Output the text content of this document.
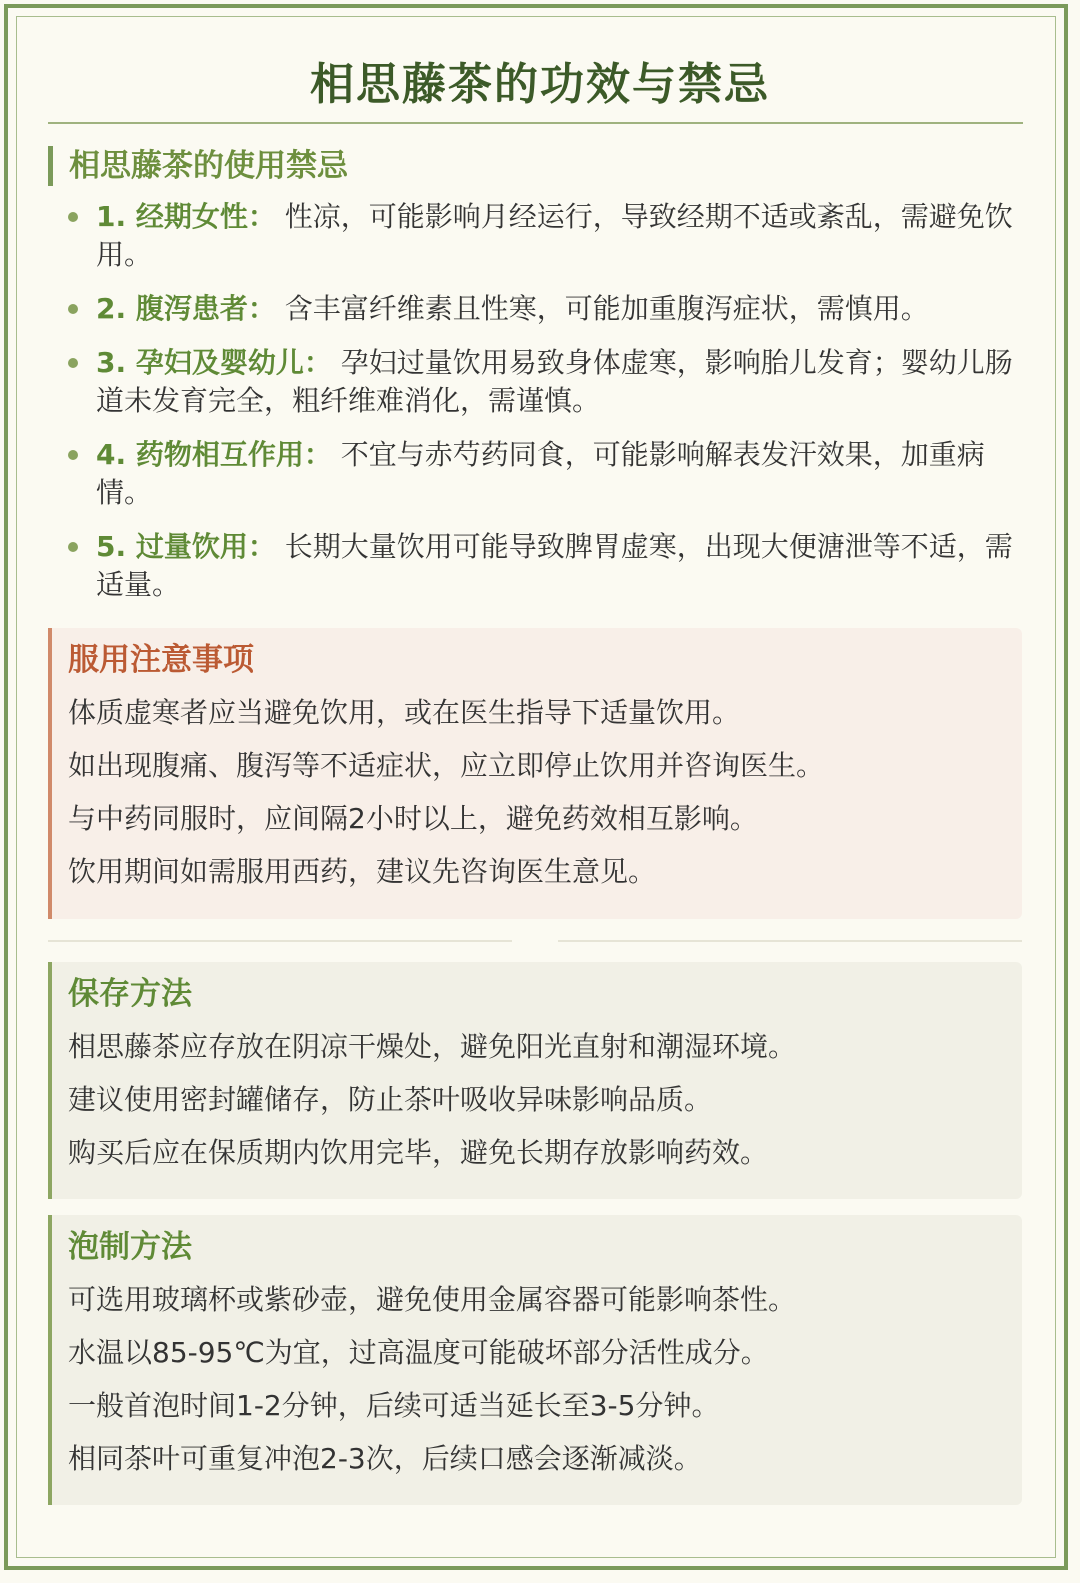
相思藤茶的功效与禁忌
相思藤茶的使用禁忌
1. 经期女性： 性凉，可能影响月经运行，导致经期不适或紊乱，需避免饮用。
2. 腹泻患者： 含丰富纤维素且性寒，可能加重腹泻症状，需慎用。
3. 孕妇及婴幼儿： 孕妇过量饮用易致身体虚寒，影响胎儿发育；婴幼儿肠道未发育完全，粗纤维难消化，需谨慎。
4. 药物相互作用： 不宜与赤芍药同食，可能影响解表发汗效果，加重病情。
5. 过量饮用： 长期大量饮用可能导致脾胃虚寒，出现大便溏泄等不适，需适量。
服用注意事项
体质虚寒者应当避免饮用，或在医生指导下适量饮用。
如出现腹痛、腹泻等不适症状，应立即停止饮用并咨询医生。
与中药同服时，应间隔2小时以上，避免药效相互影响。
饮用期间如需服用西药，建议先咨询医生意见。
保存方法
相思藤茶应存放在阴凉干燥处，避免阳光直射和潮湿环境。
建议使用密封罐储存，防止茶叶吸收异味影响品质。
购买后应在保质期内饮用完毕，避免长期存放影响药效。
泡制方法
可选用玻璃杯或紫砂壶，避免使用金属容器可能影响茶性。
水温以85-95℃为宜，过高温度可能破坏部分活性成分。
一般首泡时间1-2分钟，后续可适当延长至3-5分钟。
相同茶叶可重复冲泡2-3次，后续口感会逐渐减淡。
